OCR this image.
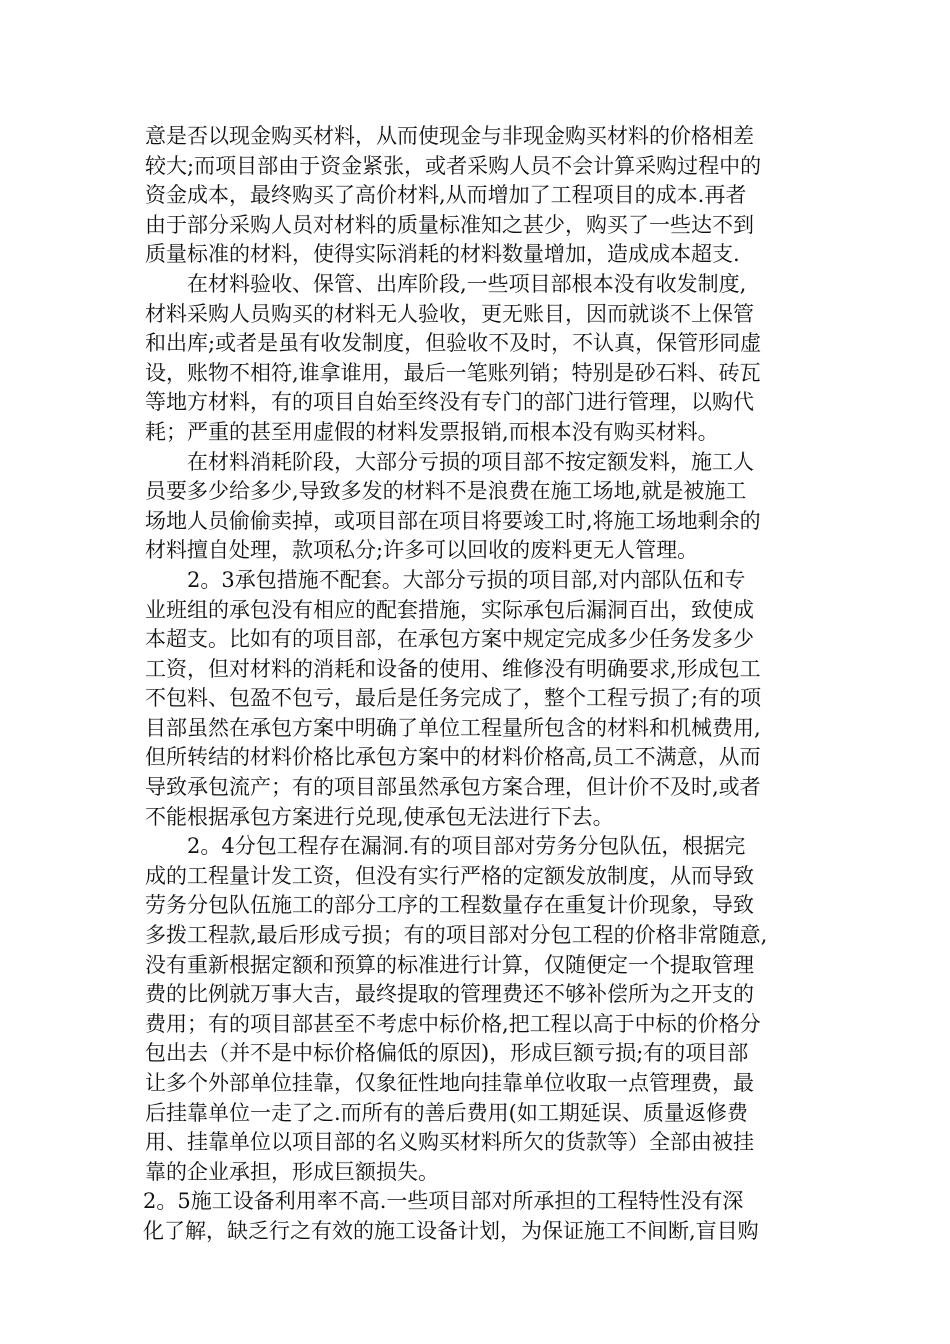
意是否以现金购买材料，从而使现金与非现金购买材料的价格相差
较大;而项目部由于资金紧张，或者采购人员不会计算采购过程中的
资金成本，最终购买了高价材料,从而增加了工程项目的成本.再者
由于部分采购人员对材料的质量标准知之甚少，购买了一些达不到
质量标准的材料，使得实际消耗的材料数量增加，造成成本超支.
在材料验收、保管、出库阶段,一些项目部根本没有收发制度,
材料采购人员购买的材料无人验收，更无账目，因而就谈不上保管
和出库;或者是虽有收发制度，但验收不及时，不认真，保管形同虚
设，账物不相符,谁拿谁用，最后一笔账列销；特别是砂石料、砖瓦
等地方材料，有的项目自始至终没有专门的部门进行管理，以购代
耗；严重的甚至用虚假的材料发票报销,而根本没有购买材料。
在材料消耗阶段，大部分亏损的项目部不按定额发料，施工人
员要多少给多少,导致多发的材料不是浪费在施工场地,就是被施工
场地人员偷偷卖掉，或项目部在项目将要竣工时,将施工场地剩余的
材料擅自处理，款项私分;许多可以回收的废料更无人管理。
2。3承包措施不配套。大部分亏损的项目部,对内部队伍和专
业班组的承包没有相应的配套措施，实际承包后漏洞百出，致使成
本超支。比如有的项目部，在承包方案中规定完成多少任务发多少
工资，但对材料的消耗和设备的使用、维修没有明确要求,形成包工
不包料、包盈不包亏，最后是任务完成了，整个工程亏损了;有的项
目部虽然在承包方案中明确了单位工程量所包含的材料和机械费用,
但所转结的材料价格比承包方案中的材料价格高,员工不满意，从而
导致承包流产；有的项目部虽然承包方案合理，但计价不及时,或者
不能根据承包方案进行兑现,使承包无法进行下去。
2。4分包工程存在漏洞.有的项目部对劳务分包队伍，根据完
成的工程量计发工资，但没有实行严格的定额发放制度，从而导致
劳务分包队伍施工的部分工序的工程数量存在重复计价现象，导致
多拨工程款,最后形成亏损；有的项目部对分包工程的价格非常随意,
没有重新根据定额和预算的标准进行计算，仅随便定一个提取管理
费的比例就万事大吉，最终提取的管理费还不够补偿所为之开支的
费用；有的项目部甚至不考虑中标价格,把工程以高于中标的价格分
包出去（并不是中标价格偏低的原因)，形成巨额亏损;有的项目部
让多个外部单位挂靠，仅象征性地向挂靠单位收取一点管理费，最
后挂靠单位一走了之.而所有的善后费用(如工期延误、质量返修费
用、挂靠单位以项目部的名义购买材料所欠的货款等）全部由被挂
靠的企业承担，形成巨额损失。
2。5施工设备利用率不高.一些项目部对所承担的工程特性没有深
化了解，缺乏行之有效的施工设备计划，为保证施工不间断,盲目购
